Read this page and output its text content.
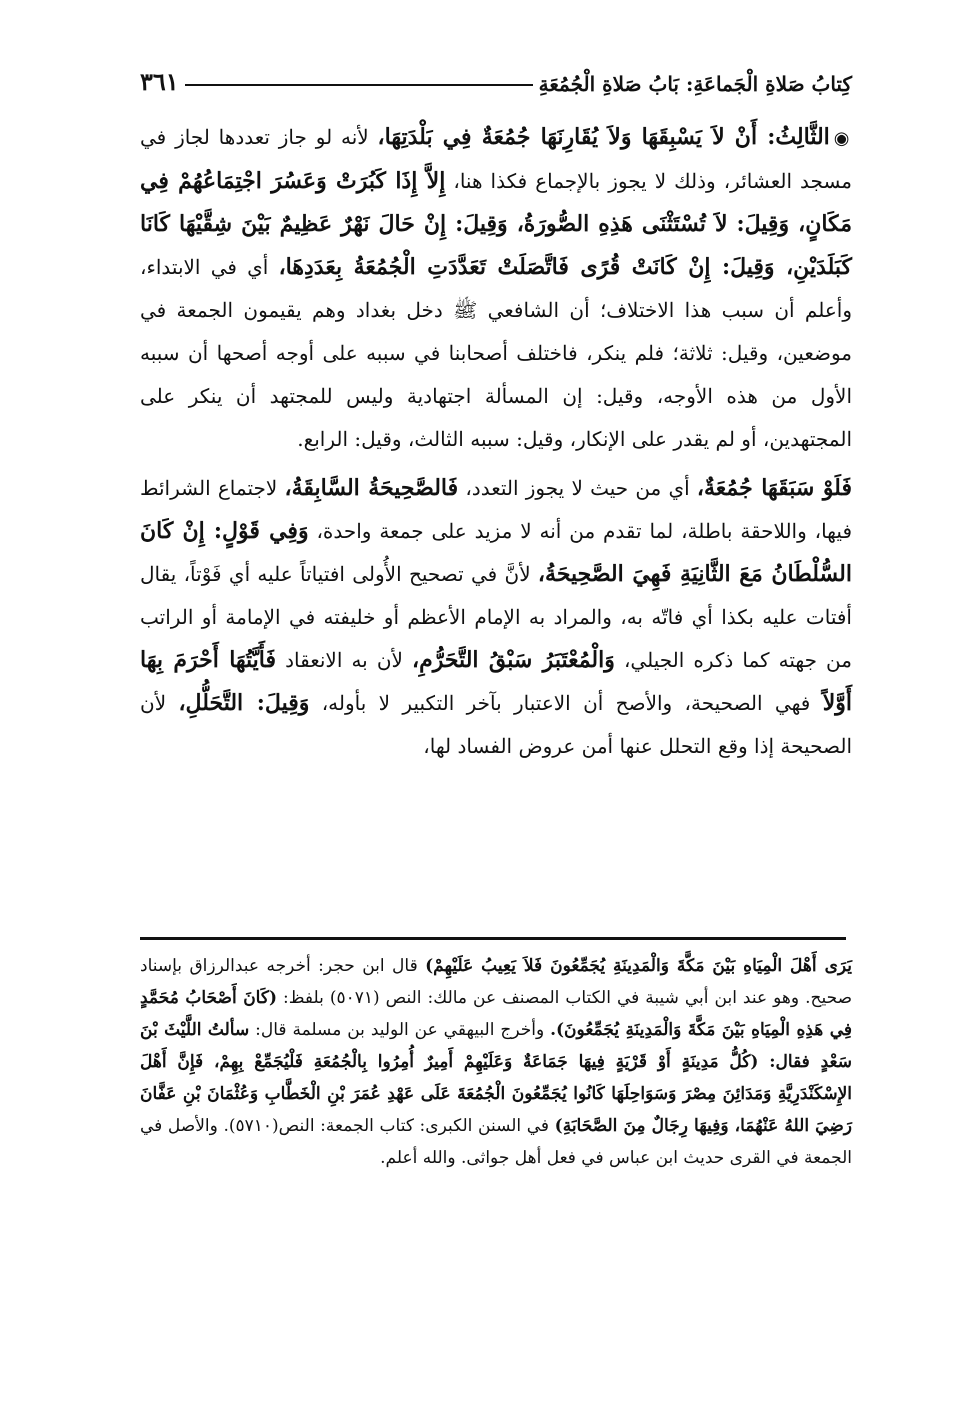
كِتابُ صَلاةِ الْجَماعَةِ: بَابُ صَلاةِ الْجُمُعَةِ
٣٦١

◉الثَّالِثُ: أَنْ لاَ يَسْبِقَهَا وَلاَ يُقَارِنَهَا جُمُعَةٌ فِي بَلْدَتِهَا، لأنه لو جاز تعددها لجاز في مسجد العشائر، وذلك لا يجوز بالإجماع فكذا هنا، إِلاَّ إِذَا كَبُرَتْ وَعَسُرَ اجْتِمَاعُهُمْ فِي مَكَانٍ، وَقِيلَ: لاَ تُسْتَثْنَى هَذِهِ الصُّورَةُ، وَقِيلَ: إِنْ حَالَ نَهْرٌ عَظِيمٌ بَيْنَ شِقَّيْهَا كَانَا كَبَلَدَيْنِ، وَقِيلَ: إِنْ كَانَتْ قُرًى فَاتَّصَلَتْ تَعَدَّدَتِ الْجُمُعَةُ بِعَدَدِهَا، أي في الابتداء، وأعلم أن سبب هذا الاختلاف؛ أن الشافعي ﷺ دخل بغداد وهم يقيمون الجمعة في موضعين، وقيل: ثلاثة؛ فلم ينكر، فاختلف أصحابنا في سببه على أوجه أصحها أن سببه الأول من هذه الأوجه، وقيل: إن المسألة اجتهادية وليس للمجتهد أن ينكر على المجتهدين، أو لم يقدر على الإنكار، وقيل: سببه الثالث، وقيل: الرابع.

فَلَوْ سَبَقَهَا جُمُعَةٌ، أي من حيث لا يجوز التعدد، فَالصَّحِيحَةُ السَّابِقَةُ، لاجتماع الشرائط فيها، واللاحقة باطلة، لما تقدم من أنه لا مزيد على جمعة واحدة، وَفِي قَوْلٍ: إِنْ كَانَ السُّلْطَانُ مَعَ الثَّانِيَةِ فَهِيَ الصَّحِيحَةُ، لأنَّ في تصحيح الأُولى افتياتاً عليه أي فَوْتاً، يقال أفتات عليه بكذا أي فاتّه به، والمراد به الإمام الأعظم أو خليفته في الإمامة أو الراتب من جهته كما ذكره الجيلي، وَالْمُعْتَبَرُ سَبْقُ التَّحَرُّمِ، لأن به الانعقاد فَأَيَّتُهَا أَحْرَمَ بِهَا أَوَّلاً فهي الصحيحة، والأصح أن الاعتبار بآخر التكبير لا بأوله، وَقِيلَ: التَّحَلُّلِ، لأن الصحيحة إذا وقع التحلل عنها أمن عروض الفساد لها،

يَرَى أَهْلَ الْمِيَاهِ بَيْنَ مَكَّةَ وَالْمَدِينَةِ يُجَمِّعُونَ فَلاَ يَعِيبُ عَلَيْهِمْ) قال ابن حجر: أخرجه عبدالرزاق بإسناد صحيح. وهو عند ابن أبي شيبة في الكتاب المصنف عن مالك: النص (٥٠٧١) بلفظ: (كَانَ أَصْحَابُ مُحَمَّدٍ فِي هَذِهِ الْمِيَاهِ بَيْنَ مَكَّةَ وَالْمَدِينَةِ يُجَمِّعُونَ). وأخرج البيهقي عن الوليد بن مسلمة قال: سألتُ اللَّيْثَ بْنَ سَعْدٍ فقال: (كُلُّ مَدِينَةٍ أَوْ قَرْيَةٍ فِيهَا جَمَاعَةٌ وَعَلَيْهِمْ أَمِيرٌ أُمِرُوا بِالْجُمُعَةِ فَلْيُجَمِّعْ بِهِمْ، فَإِنَّ أَهْلَ الإِسْكَنْدَرِيَّةِ وَمَدَائِنَ مِصْرَ وَسَوَاحِلَهَا كَانُوا يُجَمِّعُونَ الْجُمُعَةَ عَلَى عَهْدِ عُمَرَ بْنِ الْخَطَّابِ وَعُثْمَانَ بْنِ عَفَّانَ رَضِيَ اللهُ عَنْهُمَا، وَفِيهَا رِجَالٌ مِنَ الصَّحَابَةِ) في السنن الكبرى: كتاب الجمعة: النص(٥٧١٠). والأصل في الجمعة في القرى حديث ابن عباس في فعل أهل جواثى. والله أعلم.
